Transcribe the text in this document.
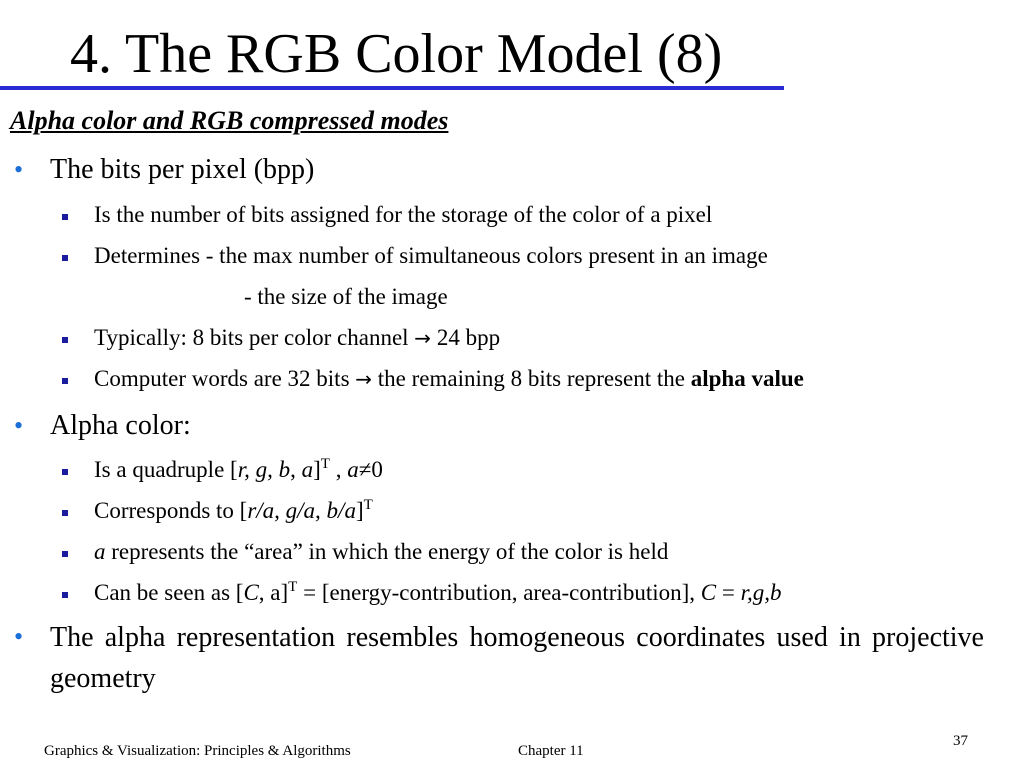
4. The RGB Color Model (8)
Alpha color and RGB compressed modes
• The bits per pixel (bpp)
Is the number of bits assigned for the storage of the color of a pixel
Determines - the max number of simultaneous colors present in an image
- the size of the image
Typically: 8 bits per color channel → 24 bpp
Computer words are 32 bits → the remaining 8 bits represent the alpha value
• Alpha color:
Is a quadruple [r, g, b, a]$^T$ , a≠0
Corresponds to [r/a, g/a, b/a]$^T$
a represents the “area” in which the energy of the color is held
Can be seen as [C, a]$^T$ = [energy-contribution, area-contribution], C = r,g,b
• The alpha representation resembles homogeneous coordinates used in projective geometry
Graphics & Visualization: Principles & Algorithms	Chapter 11
37
